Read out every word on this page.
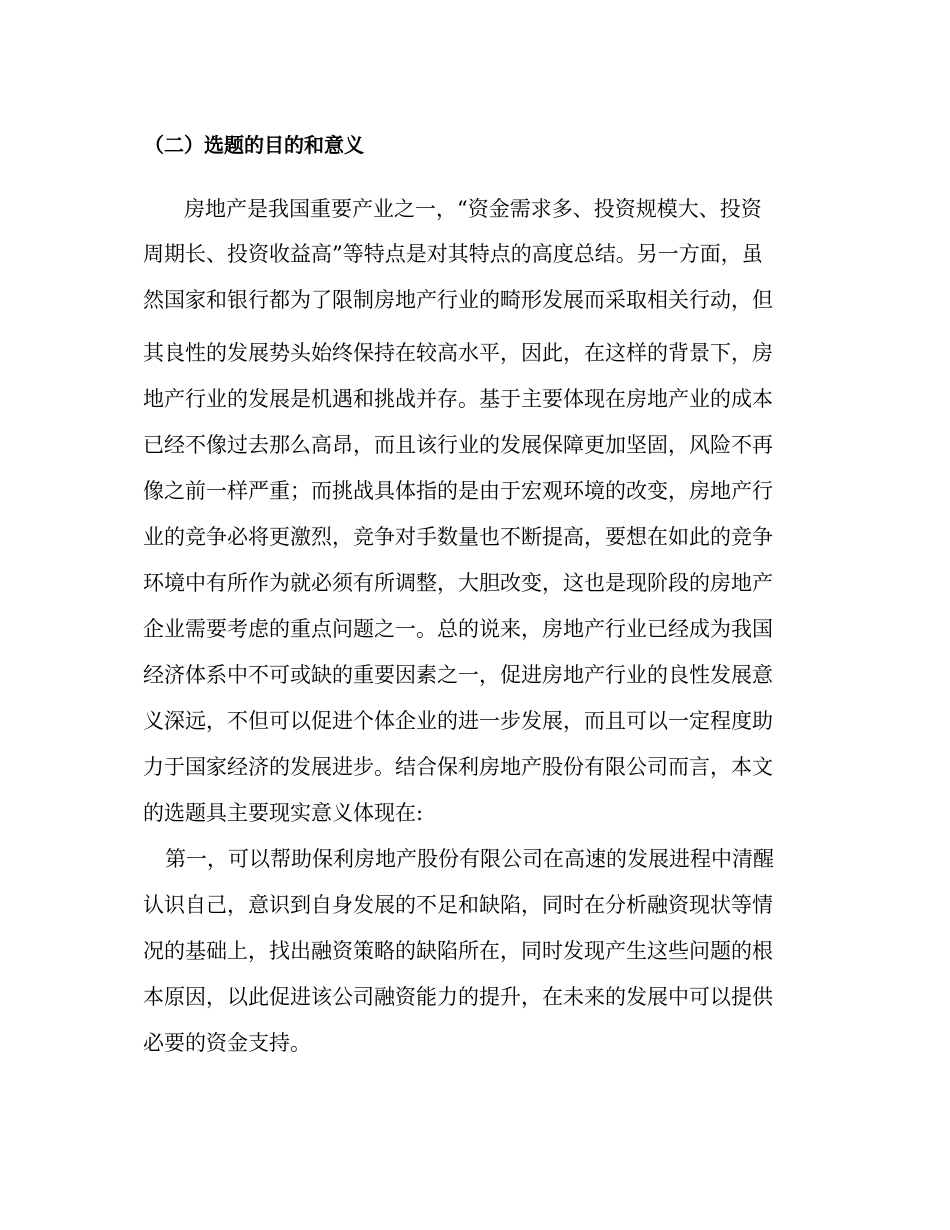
（二）选题的目的和意义
房地产是我国重要产业之一，“资金需求多、投资规模大、投资
周期长、投资收益高”等特点是对其特点的高度总结。另一方面，虽
然国家和银行都为了限制房地产行业的畸形发展而采取相关行动，但
其良性的发展势头始终保持在较高水平，因此，在这样的背景下，房
地产行业的发展是机遇和挑战并存。基于主要体现在房地产业的成本
已经不像过去那么高昂，而且该行业的发展保障更加坚固，风险不再
像之前一样严重；而挑战具体指的是由于宏观环境的改变，房地产行
业的竞争必将更激烈，竞争对手数量也不断提高，要想在如此的竞争
环境中有所作为就必须有所调整，大胆改变，这也是现阶段的房地产
企业需要考虑的重点问题之一。总的说来，房地产行业已经成为我国
经济体系中不可或缺的重要因素之一，促进房地产行业的良性发展意
义深远，不但可以促进个体企业的进一步发展，而且可以一定程度助
力于国家经济的发展进步。结合保利房地产股份有限公司而言，本文
的选题具主要现实意义体现在:
第一，可以帮助保利房地产股份有限公司在高速的发展进程中清醒
认识自己，意识到自身发展的不足和缺陷，同时在分析融资现状等情
况的基础上，找出融资策略的缺陷所在，同时发现产生这些问题的根
本原因，以此促进该公司融资能力的提升，在未来的发展中可以提供
必要的资金支持。
